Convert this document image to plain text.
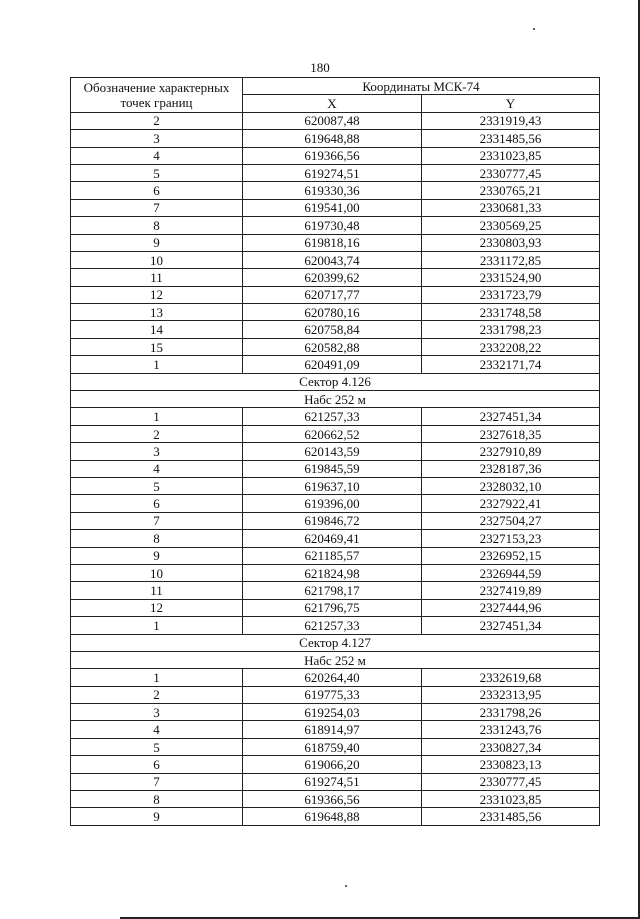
180
Обозначение характерных точек границ	Координаты МСК-74	
	X	Y
2	620087,48	2331919,43
3	619648,88	2331485,56
4	619366,56	2331023,85
5	619274,51	2330777,45
6	619330,36	2330765,21
7	619541,00	2330681,33
8	619730,48	2330569,25
9	619818,16	2330803,93
10	620043,74	2331172,85
11	620399,62	2331524,90
12	620717,77	2331723,79
13	620780,16	2331748,58
14	620758,84	2331798,23
15	620582,88	2332208,22
1	620491,09	2332171,74
Сектор 4.126		
Набс 252 м		
1	621257,33	2327451,34
2	620662,52	2327618,35
3	620143,59	2327910,89
4	619845,59	2328187,36
5	619637,10	2328032,10
6	619396,00	2327922,41
7	619846,72	2327504,27
8	620469,41	2327153,23
9	621185,57	2326952,15
10	621824,98	2326944,59
11	621798,17	2327419,89
12	621796,75	2327444,96
1	621257,33	2327451,34
Сектор 4.127		
Набс 252 м		
1	620264,40	2332619,68
2	619775,33	2332313,95
3	619254,03	2331798,26
4	618914,97	2331243,76
5	618759,40	2330827,34
6	619066,20	2330823,13
7	619274,51	2330777,45
8	619366,56	2331023,85
9	619648,88	2331485,56
